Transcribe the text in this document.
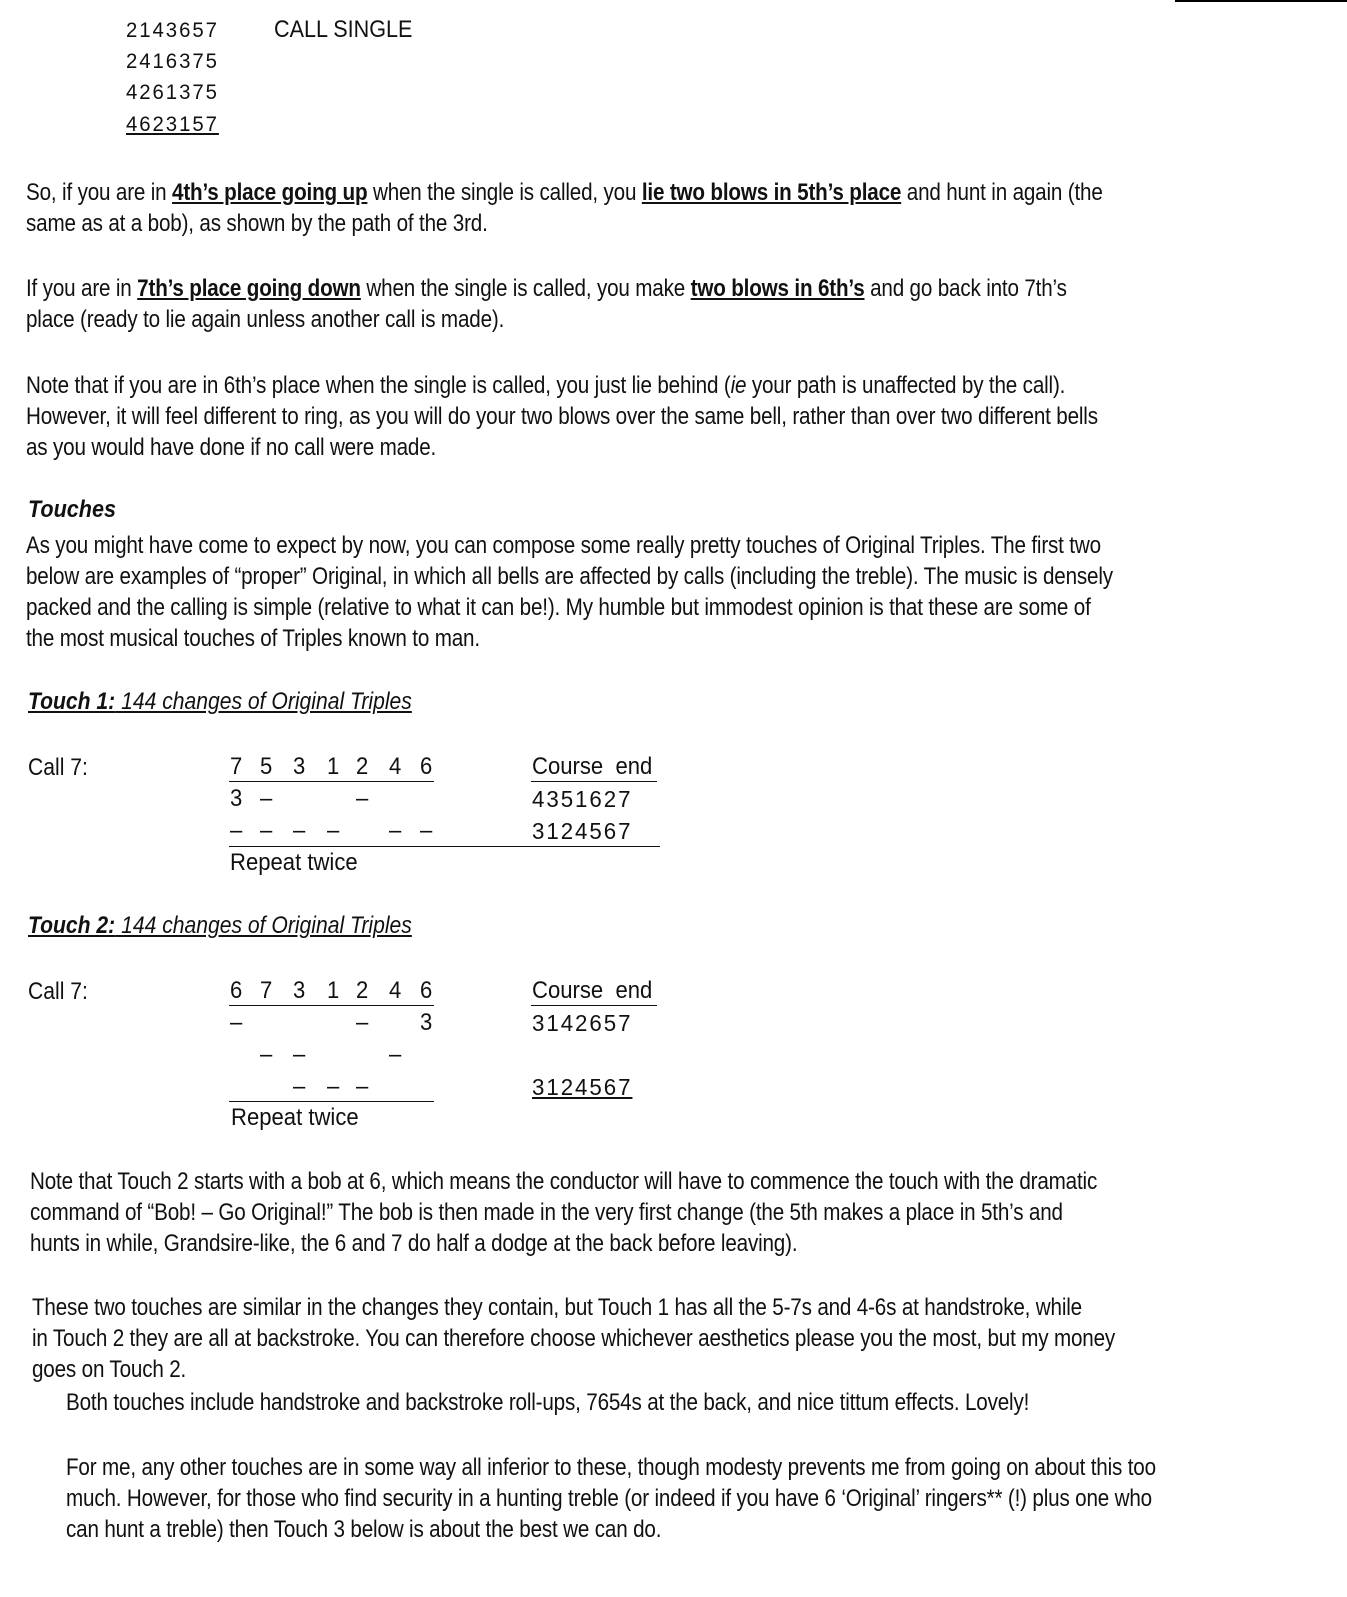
2143657 CALL SINGLE
2416375
4261375
4623157
So, if you are in 4th’s place going up when the single is called, you lie two blows in 5th’s place and hunt in again (the
same as at a bob), as shown by the path of the 3rd.
If you are in 7th’s place going down when the single is called, you make two blows in 6th’s and go back into 7th’s
place (ready to lie again unless another call is made).
Note that if you are in 6th’s place when the single is called, you just lie behind (ie your path is unaffected by the call).
However, it will feel different to ring, as you will do your two blows over the same bell, rather than over two different bells
as you would have done if no call were made.
Touches
As you might have come to expect by now, you can compose some really pretty touches of Original Triples. The first two
below are examples of “proper” Original, in which all bells are affected by calls (including the treble). The music is densely
packed and the calling is simple (relative to what it can be!). My humble but immodest opinion is that these are some of
the most musical touches of Triples known to man.
Touch 1: 144 changes of Original Triples
Call 7:	7 5 3 1 2 4 6	Course  end
3 –	–	4351627
– – – – – –	3124567
Repeat twice
Touch 2: 144 changes of Original Triples
Call 7:	6 7 3 1 2 4 6	Course  end
–	– 3	3142657
– –	–
– – –	3124567
Repeat twice
Note that Touch 2 starts with a bob at 6, which means the conductor will have to commence the touch with the dramatic
command of “Bob! – Go Original!” The bob is then made in the very first change (the 5th makes a place in 5th’s and
hunts in while, Grandsire-like, the 6 and 7 do half a dodge at the back before leaving).
These two touches are similar in the changes they contain, but Touch 1 has all the 5-7s and 4-6s at handstroke, while
in Touch 2 they are all at backstroke. You can therefore choose whichever aesthetics please you the most, but my money
goes on Touch 2.
Both touches include handstroke and backstroke roll-ups, 7654s at the back, and nice tittum effects. Lovely!
For me, any other touches are in some way all inferior to these, though modesty prevents me from going on about this too
much. However, for those who find security in a hunting treble (or indeed if you have 6 ‘Original’ ringers** (!) plus one who
can hunt a treble) then Touch 3 below is about the best we can do.
